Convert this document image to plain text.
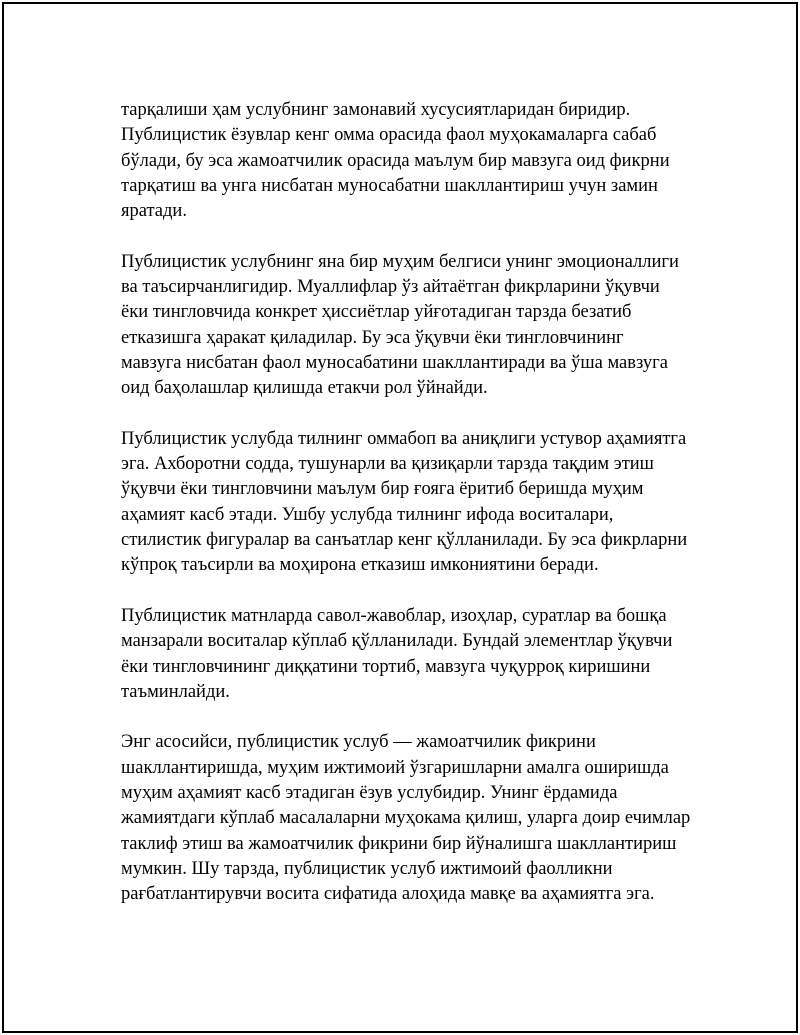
тарқалиши ҳам услубнинг замонавий хусусиятларидан биридир.
Публицистик ёзувлар кенг омма орасида фаол муҳокамаларга сабаб
бўлади, бу эса жамоатчилик орасида маълум бир мавзуга оид фикрни
тарқатиш ва унга нисбатан муносабатни шакллантириш учун замин
яратади.

Публицистик услубнинг яна бир муҳим белгиси унинг эмоционаллиги
ва таъсирчанлигидир. Муаллифлар ўз айтаётган фикрларини ўқувчи
ёки тингловчида конкрет ҳиссиётлар уйғотадиган тарзда безатиб
етказишга ҳаракат қиладилар. Бу эса ўқувчи ёки тингловчининг
мавзуга нисбатан фаол муносабатини шакллантиради ва ўша мавзуга
оид баҳолашлар қилишда етакчи рол ўйнайди.

Публицистик услубда тилнинг оммабоп ва аниқлиги устувор аҳамиятга
эга. Ахборотни содда, тушунарли ва қизиқарли тарзда тақдим этиш
ўқувчи ёки тингловчини маълум бир ғояга ёритиб беришда муҳим
аҳамият касб этади. Ушбу услубда тилнинг ифода воситалари,
стилистик фигуралар ва санъатлар кенг қўлланилади. Бу эса фикрларни
кўпроқ таъсирли ва моҳирона етказиш имкониятини беради.

Публицистик матнларда савол-жавоблар, изоҳлар, суратлар ва бошқа
манзарали воситалар кўплаб қўлланилади. Бундай элементлар ўқувчи
ёки тингловчининг диққатини тортиб, мавзуга чуқурроқ киришини
таъминлайди.

Энг асосийси, публицистик услуб — жамоатчилик фикрини
шакллантиришда, муҳим ижтимоий ўзгаришларни амалга оширишда
муҳим аҳамият касб этадиган ёзув услубидир. Унинг ёрдамида
жамиятдаги кўплаб масалаларни муҳокама қилиш, уларга доир ечимлар
таклиф этиш ва жамоатчилик фикрини бир йўналишга шакллантириш
мумкин. Шу тарзда, публицистик услуб ижтимоий фаолликни
рағбатлантирувчи восита сифатида алоҳида мавқе ва аҳамиятга эга.
